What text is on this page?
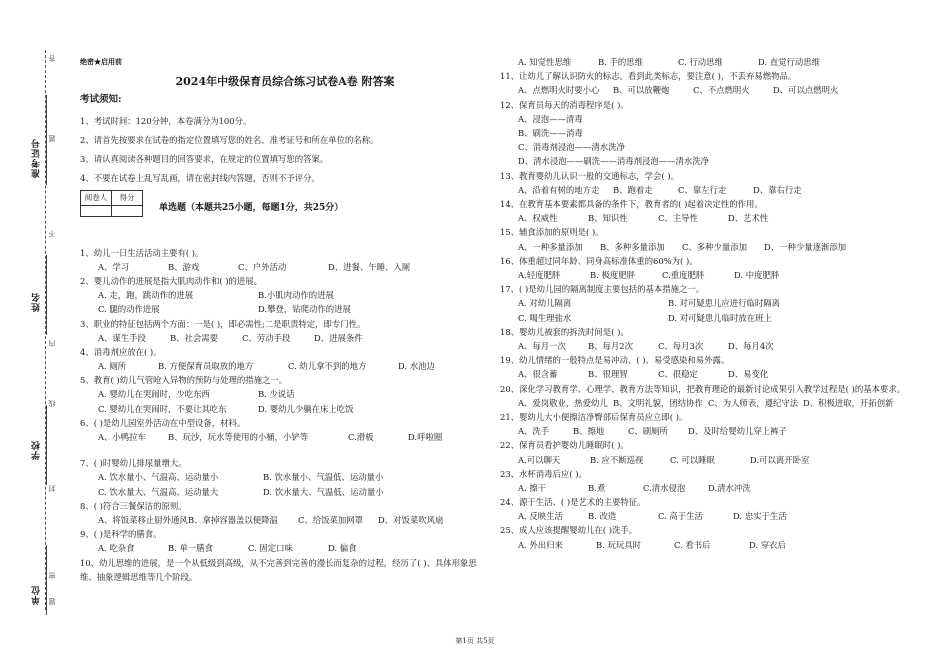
准考证号
姓名
学校
单位
答
题
不
内
线
封
密
题
绝密★启用前
2024年中级保育员综合练习试卷A卷 附答案
考试须知:
1、考试时间：120分钟，本卷满分为100分。
2、请首先按要求在试卷的指定位置填写您的姓名、准考证号和所在单位的名称。
3、请认真阅读各种题目的回答要求，在规定的位置填写您的答案。
4、不要在试卷上乱写乱画，请在密封线内答题，否则不予评分。
阅卷人	得分

单选题（本题共25小题，每题1分，共25分）
1、幼儿一日生活活动主要有( )。
A、学习	B、游戏	C、户外活动	D、进餐、午睡、入厕
2、婴儿动作的进展是指大肌肉动作和( )的进展。
A. 走，跑，跳动作的进展	B.小肌肉动作的进展
C. 腿的动作进展	D.攀登，钻爬动作的进展
3、职业的特征包括两个方面：一是( )，即必需性;二是职责特定，即专门性。
A、谋生手段	B、社会需要	C、劳动手段	D、进展条件
4、消毒剂应放在( )。
A. 厕所	B. 方便保育员取放的地方	C. 幼儿拿不到的地方	D. 水池边
5、教育( )幼儿气管呛入异物的预防与处理的措施之一。
A. 婴幼儿在哭闹时，少吃东西	B. 少说话
C. 婴幼儿在哭闹时，不要让其吃东	D. 婴幼儿少躺在床上吃饭
6、( )是幼儿园室外活动在中型设备，材料。
A、小鸭拉车	B、玩沙，玩水等使用的小桶，小铲等	C.滑板	D.呼啦圈
7、( )时婴幼儿排尿量增大。
A. 饮水量小、气温高、运动量小	B. 饮水量小、气温低、运动量小
C. 饮水量大、气温高、运动量大	D. 饮水量大、气温低、运动量小
8、( )符合三餐保洁的原则。
A、将饭菜移止厨外通风 B、拿掉容器盖以便降温	C、给饭菜加网罩	D、对饭菜吹风扇
9、( )是科学的膳食。
A. 吃杂食	B. 单一膳食	C. 固定口味	D. 偏食
10、幼儿思维的进展，是一个从低级到高级，从不完善到完善的漫长而复杂的过程，经历了( )、具体形象思维、抽象逻辑思维等几个阶段。
A. 知觉性思维	B. 手的思维	C. 行动思维	D. 直觉行动思维
11、让幼儿了解认识防火的标志。看到此类标志，要注意( )，不丢弃易燃物品。
A、点燃明火时要小心	B、可以放鞭炮	C、不点燃明火	D、可以点燃明火
12、保育员每天的消毒程序是( )。
A、浸泡——清毒
B、刷洗——消毒
C、消毒剂浸泡——清水洗净
D、清水浸泡——刷洗——消毒剂浸泡——清水洗净
13、教育婴幼儿认识一般的交通标志，学会( )。
A、沿着有树的地方走	B、跑着走	C、靠左行走	D、靠右行走
14、在教育基本要素都具备的条件下，教育者的( )起着决定性的作用。
A、权威性	B、知识性	C、主导性	D、艺术性
15、辅食添加的原则是( )。
A、一种多量添加	B、多种多量添加	C、多种少量添加	D、一种少量逐渐添加
16、体重超过同年龄、同身高标准体重的60%为( )。
A.轻度肥胖	B. 极度肥胖	C.重度肥胖	D. 中度肥胖
17、( )是幼儿园的隔离制度主要包括的基本措施之一。
A. 对幼儿隔离	B. 对可疑患儿应进行临时隔离
C. 喝生理盐水	D. 对可疑患儿临时放在班上
18、婴幼儿被套的拆洗时间是( )。
A、每月一次	B、每月2次	C、每月3次	D、每月4次
19、幼儿情绪的一般特点是易冲动、( )、易受感染和易外露。
A、很含蓄	B、很理智	C、很稳定	D、易变化
20、深化学习教育学、心理学、教育方法等知识，把教育理论的最新讨论成果引入教学过程是( )的基本要求。
A、爱岗敬业，热爱幼儿 B、文明礼貌，团结协作 C、为人师表，遵纪守法 D、积极进取，开拓创新
21、婴幼儿大小便擦洁净臀部后保育员应立即( )。
A、洗手	B、擦地	C、刷厕所	D、及时给婴幼儿穿上裤子
22、保育员看护婴幼儿睡眠时( )。
A.可以聊天	B. 应不断巡视	C. 可以睡眠	D.可以离开卧室
23、水杯消毒后应( )。
A. 擦干	B.煮	C.清水侵泡	D.清水冲洗
24、源于生活、( )是艺术的主要特征。
A. 反映生活	B. 改造	C. 高于生活	D. 忠实于生活
25、成人应该提醒婴幼儿在( )洗手。
A. 外出归来	B. 玩玩具时	C. 看书后	D. 穿衣后
第1页 共5页
